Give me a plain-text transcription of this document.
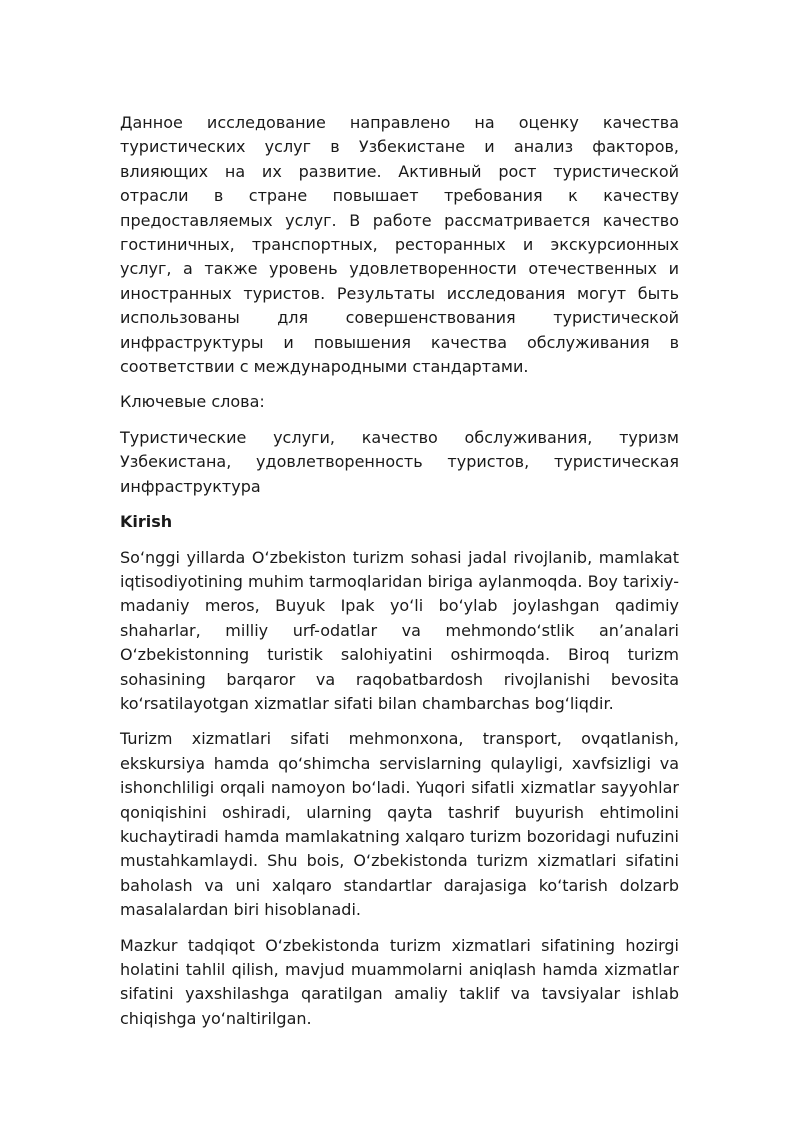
Данное исследование направлено на оценку качества туристических услуг в Узбекистане и анализ факторов, влияющих на их развитие. Активный рост туристической отрасли в стране повышает требования к качеству предоставляемых услуг. В работе рассматривается качество гостиничных, транспортных, ресторанных и экскурсионных услуг, а также уровень удовлетворенности отечественных и иностранных туристов. Результаты исследования могут быть использованы для совершенствования туристической инфраструктуры и повышения качества обслуживания в соответствии с международными стандартами.

Ключевые слова:

Туристические услуги, качество обслуживания, туризм Узбекистана, удовлетворенность туристов, туристическая инфраструктура

Kirish

So‘nggi yillarda O‘zbekiston turizm sohasi jadal rivojlanib, mamlakat iqtisodiyotining muhim tarmoqlaridan biriga aylanmoqda. Boy tarixiy-madaniy meros, Buyuk Ipak yo‘li bo‘ylab joylashgan qadimiy shaharlar, milliy urf-odatlar va mehmondo‘stlik an’analari O‘zbekistonning turistik salohiyatini oshirmoqda. Biroq turizm sohasining barqaror va raqobatbardosh rivojlanishi bevosita ko‘rsatilayotgan xizmatlar sifati bilan chambarchas bog‘liqdir.

Turizm xizmatlari sifati mehmonxona, transport, ovqatlanish, ekskursiya hamda qo‘shimcha servislarning qulayligi, xavfsizligi va ishonchliligi orqali namoyon bo‘ladi. Yuqori sifatli xizmatlar sayyohlar qoniqishini oshiradi, ularning qayta tashrif buyurish ehtimolini kuchaytiradi hamda mamlakatning xalqaro turizm bozoridagi nufuzini mustahkamlaydi. Shu bois, O‘zbekistonda turizm xizmatlari sifatini baholash va uni xalqaro standartlar darajasiga ko‘tarish dolzarb masalalardan biri hisoblanadi.

Mazkur tadqiqot O‘zbekistonda turizm xizmatlari sifatining hozirgi holatini tahlil qilish, mavjud muammolarni aniqlash hamda xizmatlar sifatini yaxshilashga qaratilgan amaliy taklif va tavsiyalar ishlab chiqishga yo‘naltirilgan.
